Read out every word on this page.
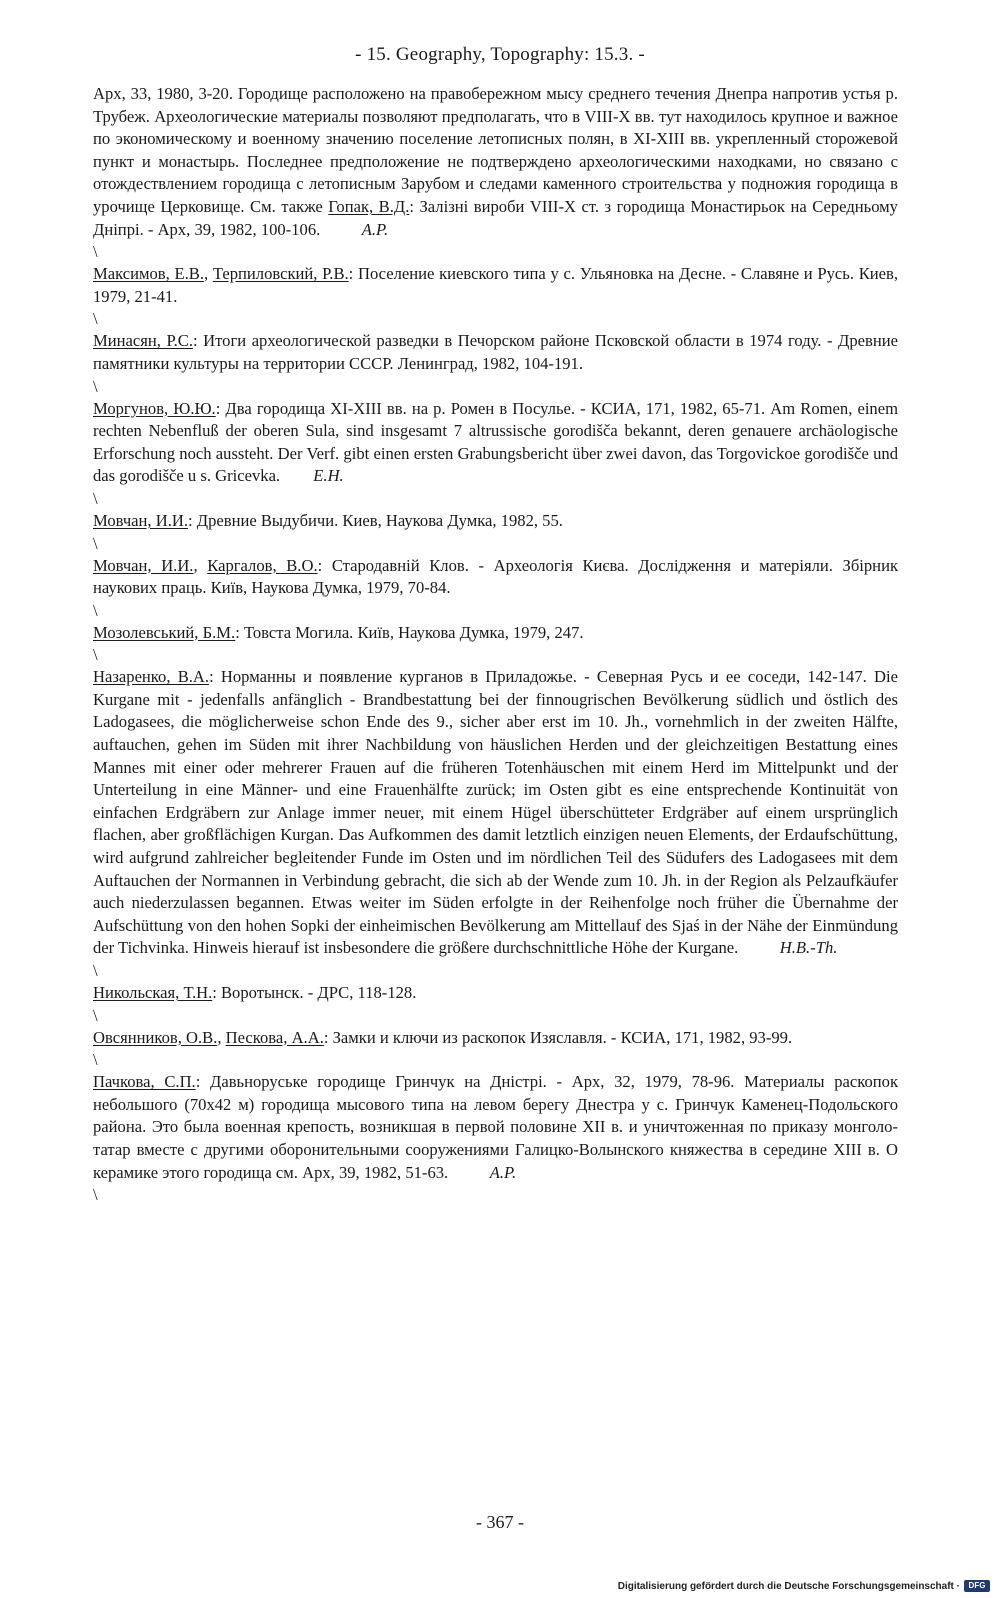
- 15. Geography, Topography: 15.3. -

Арх, 33, 1980, 3-20. Городище расположено на правобережном мысу среднего течения Днепра напротив устья р. Трубеж. Археологические материалы позволяют предполагать, что в VIII-X вв. тут находилось крупное и важное по экономическому и военному значению поселение летописных полян, в XI-XIII вв. укрепленный сторожевой пункт и монастырь. Последнее предположение не подтверждено археологическими находками, но связано с отождествлением городища с летописным Зарубом и следами каменного строительства у подножия городища в урочище Церковище. См. также Гопак, В.Д.: Залізні вироби VIII-X ст. з городища Монастирьок на Середньому Дніпрі. - Арх, 39, 1982, 100-106. A.P.

\

Максимов, Е.В., Терпиловский, Р.В.: Поселение киевского типа у с. Ульяновка на Десне. - Славяне и Русь. Киев, 1979, 21-41.

\

Минасян, Р.С.: Итоги археологической разведки в Печорском районе Псковской области в 1974 году. - Древние памятники культуры на территории СССР. Ленинград, 1982, 104-191.

\

Моргунов, Ю.Ю.: Два городища XI-XIII вв. на р. Ромен в Посулье. - КСИА, 171, 1982, 65-71. Am Romen, einem rechten Nebenfluß der oberen Sula, sind insgesamt 7 altrussische gorodišča bekannt, deren genauere archäologische Erforschung noch aussteht. Der Verf. gibt einen ersten Grabungsbericht über zwei davon, das Torgovickoe gorodišče und das gorodišče u s. Gricevka. E.H.

\

Мовчан, И.И.: Древние Выдубичи. Киев, Наукова Думка, 1982, 55.

\

Мовчан, И.И., Каргалов, В.О.: Стародавній Клов. - Археологія Києва. Дослідження и матеріяли. Збірник наукових праць. Київ, Наукова Думка, 1979, 70-84.

\

Мозолевський, Б.М.: Товста Могила. Київ, Наукова Думка, 1979, 247.

\

Назаренко, В.А.: Норманны и появление курганов в Приладожье. - Северная Русь и ее соседи, 142-147. Die Kurgane mit - jedenfalls anfänglich - Brandbestattung bei der finnougrischen Bevölkerung südlich und östlich des Ladogasees, die möglicherweise schon Ende des 9., sicher aber erst im 10. Jh., vornehmlich in der zweiten Hälfte, auftauchen, gehen im Süden mit ihrer Nachbildung von häuslichen Herden und der gleichzeitigen Bestattung eines Mannes mit einer oder mehrerer Frauen auf die früheren Totenhäuschen mit einem Herd im Mittelpunkt und der Unterteilung in eine Männer- und eine Frauenhälfte zurück; im Osten gibt es eine entsprechende Kontinuität von einfachen Erdgräbern zur Anlage immer neuer, mit einem Hügel überschütteter Erdgräber auf einem ursprünglich flachen, aber großflächigen Kurgan. Das Aufkommen des damit letztlich einzigen neuen Elements, der Erdaufschüttung, wird aufgrund zahlreicher begleitender Funde im Osten und im nördlichen Teil des Südufers des Ladogasees mit dem Auftauchen der Normannen in Verbindung gebracht, die sich ab der Wende zum 10. Jh. in der Region als Pelzaufkäufer auch niederzulassen begannen. Etwas weiter im Süden erfolgte in der Reihenfolge noch früher die Übernahme der Aufschüttung von den hohen Sopki der einheimischen Bevölkerung am Mittellauf des Sjaś in der Nähe der Einmündung der Tichvinka. Hinweis hierauf ist insbesondere die größere durchschnittliche Höhe der Kurgane. H.B.-Th.

\

Никольская, Т.Н.: Воротынск. - ДРС, 118-128.

\

Овсянников, О.В., Пескова, А.А.: Замки и ключи из раскопок Изяславля. - КСИА, 171, 1982, 93-99.

\

Пачкова, С.П.: Давьноруське городище Гринчук на Дністрі. - Арх, 32, 1979, 78-96. Материалы раскопок небольшого (70х42 м) городища мысового типа на левом берегу Днестра у с. Гринчук Каменец-Подольского района. Это была военная крепость, возникшая в первой половине XII в. и уничтоженная по приказу монголо-татар вместе с другими оборонительными сооружениями Галицко-Волынского княжества в середине XIII в. О керамике этого городища см. Арх, 39, 1982, 51-63. A.P.

\
- 367 -
Digitalisierung gefördert durch die Deutsche Forschungsgemeinschaft ·	DFG
